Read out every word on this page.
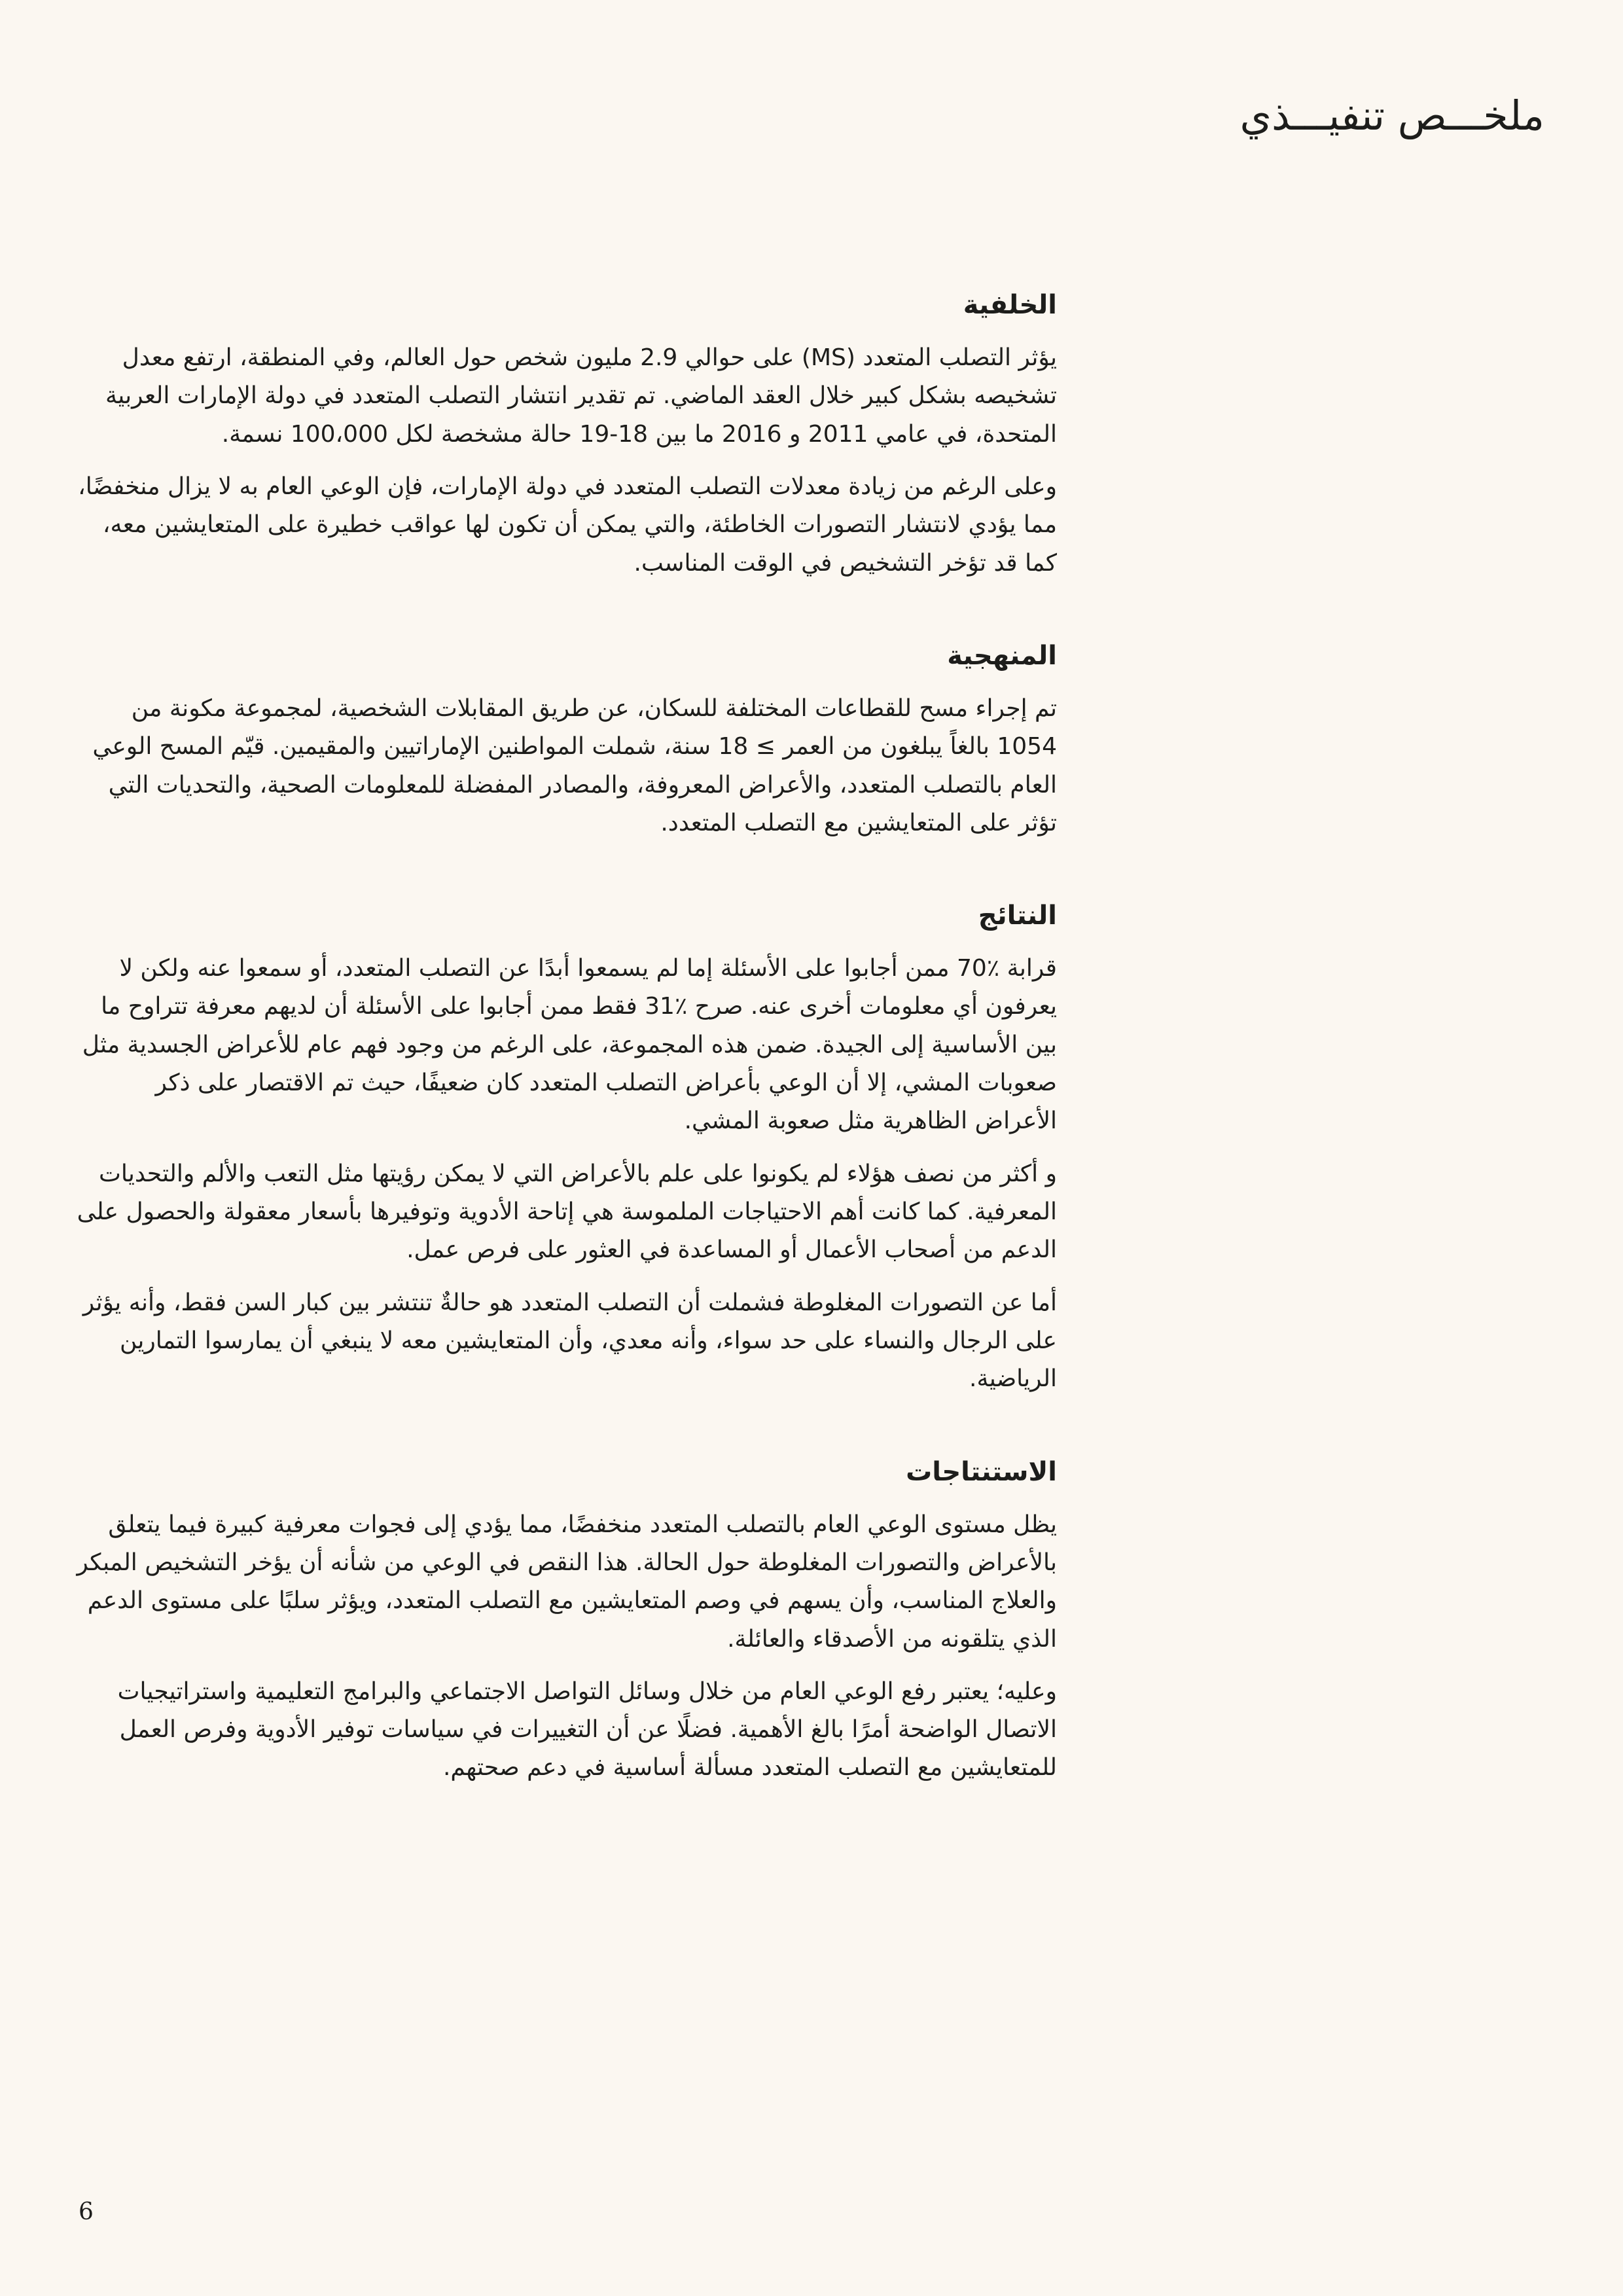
ملخـــص تنفيـــذي
الخلفية

يؤثر التصلب المتعدد (MS) على حوالي 2.9 مليون شخص حول العالم، وفي المنطقة، ارتفع معدل تشخيصه بشكل كبير خلال العقد الماضي. تم تقدير انتشار التصلب المتعدد في دولة الإمارات العربية المتحدة، في عامي 2011 و 2016 ما بين 18-19 حالة مشخصة لكل 100،000 نسمة.

وعلى الرغم من زيادة معدلات التصلب المتعدد في دولة الإمارات، فإن الوعي العام به لا يزال منخفضًا، مما يؤدي لانتشار التصورات الخاطئة، والتي يمكن أن تكون لها عواقب خطيرة على المتعايشين معه، كما قد تؤخر التشخيص في الوقت المناسب.

المنهجية

تم إجراء مسح للقطاعات المختلفة للسكان، عن طريق المقابلات الشخصية، لمجموعة مكونة من 1054 بالغاً يبلغون من العمر ≥ 18 سنة، شملت المواطنين الإماراتيين والمقيمين. قيّم المسح الوعي العام بالتصلب المتعدد، والأعراض المعروفة، والمصادر المفضلة للمعلومات الصحية، والتحديات التي تؤثر على المتعايشين مع التصلب المتعدد.

النتائج

قرابة ٪70 ممن أجابوا على الأسئلة إما لم يسمعوا أبدًا عن التصلب المتعدد، أو سمعوا عنه ولكن لا يعرفون أي معلومات أخرى عنه. صرح ٪31 فقط ممن أجابوا على الأسئلة أن لديهم معرفة تتراوح ما بين الأساسية إلى الجيدة. ضمن هذه المجموعة، على الرغم من وجود فهم عام للأعراض الجسدية مثل صعوبات المشي، إلا أن الوعي بأعراض التصلب المتعدد كان ضعيفًا، حيث تم الاقتصار على ذكر الأعراض الظاهرية مثل صعوبة المشي.

و أكثر من نصف هؤلاء لم يكونوا على علم بالأعراض التي لا يمكن رؤيتها مثل التعب والألم والتحديات المعرفية. كما كانت أهم الاحتياجات الملموسة هي إتاحة الأدوية وتوفيرها بأسعار معقولة والحصول على الدعم من أصحاب الأعمال أو المساعدة في العثور على فرص عمل.

أما عن التصورات المغلوطة فشملت أن التصلب المتعدد هو حالةٌ تنتشر بين كبار السن فقط، وأنه يؤثر على الرجال والنساء على حد سواء، وأنه معدي، وأن المتعايشين معه لا ينبغي أن يمارسوا التمارين الرياضية.

الاستنتاجات

يظل مستوى الوعي العام بالتصلب المتعدد منخفضًا، مما يؤدي إلى فجوات معرفية كبيرة فيما يتعلق بالأعراض والتصورات المغلوطة حول الحالة. هذا النقص في الوعي من شأنه أن يؤخر التشخيص المبكر والعلاج المناسب، وأن يسهم في وصم المتعايشين مع التصلب المتعدد، ويؤثر سلبًا على مستوى الدعم الذي يتلقونه من الأصدقاء والعائلة.

وعليه؛ يعتبر رفع الوعي العام من خلال وسائل التواصل الاجتماعي والبرامج التعليمية واستراتيجيات الاتصال الواضحة أمرًا بالغ الأهمية. فضلًا عن أن التغييرات في سياسات توفير الأدوية وفرص العمل للمتعايشين مع التصلب المتعدد مسألة أساسية في دعم صحتهم.

6
